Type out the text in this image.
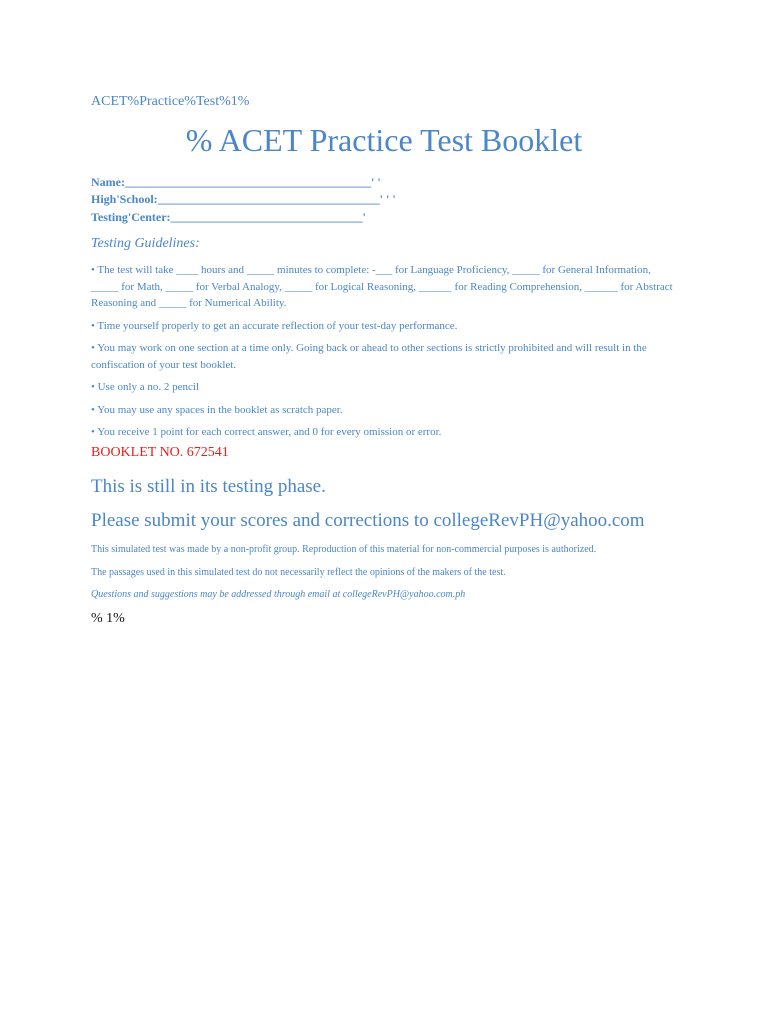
ACET%Practice%Test%1%
% ACET Practice Test Booklet
Name:_________________________________________' '
High'School:_____________________________________' ' '
Testing'Center:________________________________'
Testing Guidelines:

• The test will take ____ hours and _____ minutes to complete: -___ for Language Proficiency, _____ for General Information, _____ for Math, _____ for Verbal Analogy, _____ for Logical Reasoning, ______ for Reading Comprehension, ______ for Abstract Reasoning and _____ for Numerical Ability.

• Time yourself properly to get an accurate reflection of your test-day performance.

• You may work on one section at a time only. Going back or ahead to other sections is strictly prohibited and will result in the confiscation of your test booklet.

• Use only a no. 2 pencil

• You may use any spaces in the booklet as scratch paper.

• You receive 1 point for each correct answer, and 0 for every omission or error.

BOOKLET NO. 672541
This is still in its testing phase.
Please submit your scores and corrections to collegeRevPH@yahoo.com
This simulated test was made by a non-profit group. Reproduction of this material for non-commercial purposes is authorized.
The passages used in this simulated test do not necessarily reflect the opinions of the makers of the test.
Questions and suggestions may be addressed through email at collegeRevPH@yahoo.com.ph
% 1%
